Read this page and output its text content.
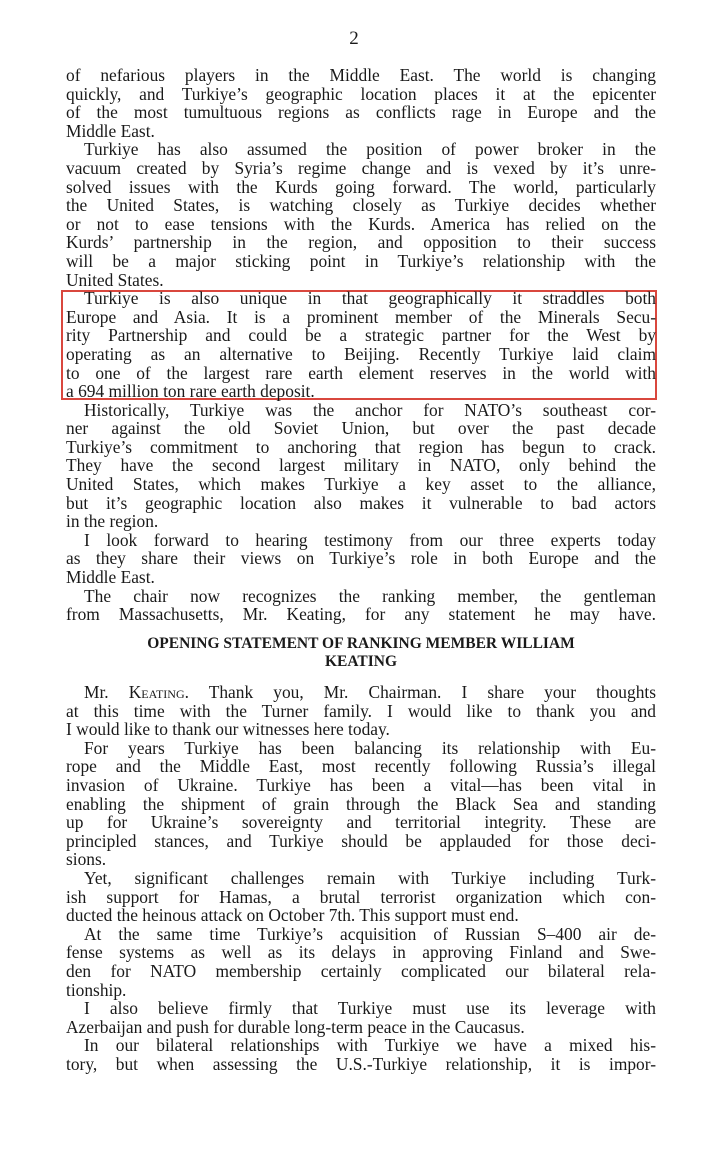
2
of nefarious players in the Middle East. The world is changing
quickly, and Turkiye’s geographic location places it at the epicenter
of the most tumultuous regions as conflicts rage in Europe and the
Middle East.
Turkiye has also assumed the position of power broker in the
vacuum created by Syria’s regime change and is vexed by it’s unre-
solved issues with the Kurds going forward. The world, particularly
the United States, is watching closely as Turkiye decides whether
or not to ease tensions with the Kurds. America has relied on the
Kurds’ partnership in the region, and opposition to their success
will be a major sticking point in Turkiye’s relationship with the
United States.
Turkiye is also unique in that geographically it straddles both
Europe and Asia. It is a prominent member of the Minerals Secu-
rity Partnership and could be a strategic partner for the West by
operating as an alternative to Beijing. Recently Turkiye laid claim
to one of the largest rare earth element reserves in the world with
a 694 million ton rare earth deposit.
Historically, Turkiye was the anchor for NATO’s southeast cor-
ner against the old Soviet Union, but over the past decade
Turkiye’s commitment to anchoring that region has begun to crack.
They have the second largest military in NATO, only behind the
United States, which makes Turkiye a key asset to the alliance,
but it’s geographic location also makes it vulnerable to bad actors
in the region.
I look forward to hearing testimony from our three experts today
as they share their views on Turkiye’s role in both Europe and the
Middle East.
The chair now recognizes the ranking member, the gentleman
from Massachusetts, Mr. Keating, for any statement he may have.
OPENING STATEMENT OF RANKING MEMBER WILLIAM
KEATING
Mr. Keating. Thank you, Mr. Chairman. I share your thoughts
at this time with the Turner family. I would like to thank you and
I would like to thank our witnesses here today.
For years Turkiye has been balancing its relationship with Eu-
rope and the Middle East, most recently following Russia’s illegal
invasion of Ukraine. Turkiye has been a vital—has been vital in
enabling the shipment of grain through the Black Sea and standing
up for Ukraine’s sovereignty and territorial integrity. These are
principled stances, and Turkiye should be applauded for those deci-
sions.
Yet, significant challenges remain with Turkiye including Turk-
ish support for Hamas, a brutal terrorist organization which con-
ducted the heinous attack on October 7th. This support must end.
At the same time Turkiye’s acquisition of Russian S–400 air de-
fense systems as well as its delays in approving Finland and Swe-
den for NATO membership certainly complicated our bilateral rela-
tionship.
I also believe firmly that Turkiye must use its leverage with
Azerbaijan and push for durable long-term peace in the Caucasus.
In our bilateral relationships with Turkiye we have a mixed his-
tory, but when assessing the U.S.-Turkiye relationship, it is impor-
